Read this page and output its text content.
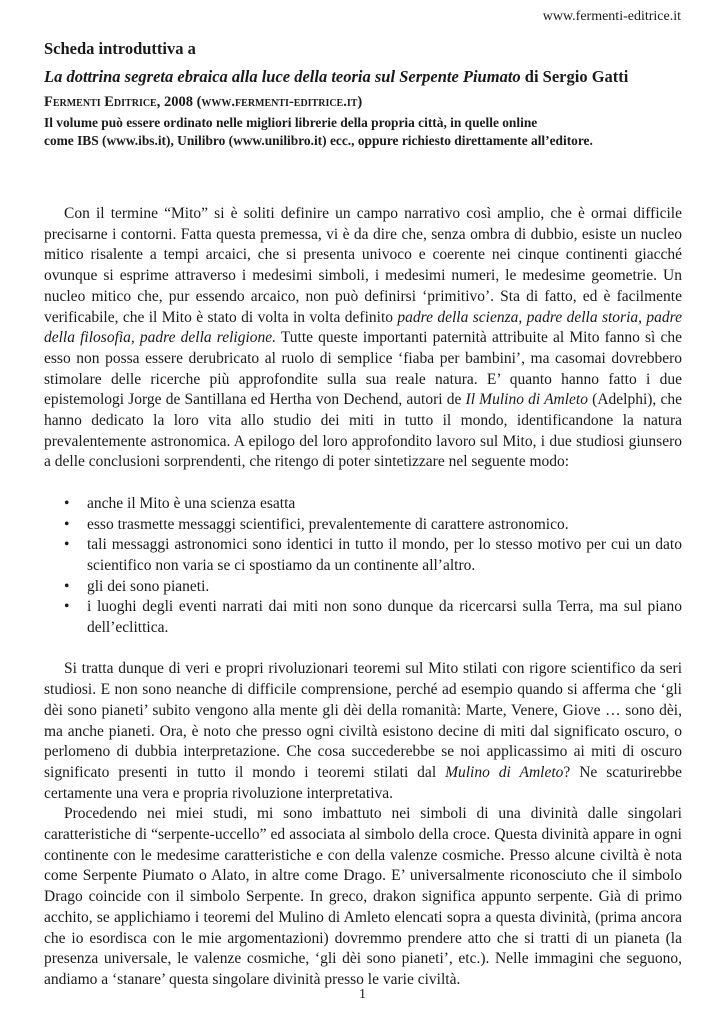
www.fermenti-editrice.it

Scheda introduttiva a

La dottrina segreta ebraica alla luce della teoria sul Serpente Piumato di Sergio Gatti

Fermenti Editrice, 2008 (www.fermenti-editrice.it)

Il volume può essere ordinato nelle migliori librerie della propria città, in quelle online

come IBS (www.ibs.it), Unilibro (www.unilibro.it) ecc., oppure richiesto direttamente all’editore.

Con il termine “Mito” si è soliti definire un campo narrativo così amplio, che è ormai difficile precisarne i contorni. Fatta questa premessa, vi è da dire che, senza ombra di dubbio, esiste un nucleo mitico risalente a tempi arcaici, che si presenta univoco e coerente nei cinque continenti giacché ovunque si esprime attraverso i medesimi simboli, i medesimi numeri, le medesime geometrie. Un nucleo mitico che, pur essendo arcaico, non può definirsi ‘primitivo’. Sta di fatto, ed è facilmente verificabile, che il Mito è stato di volta in volta definito padre della scienza, padre della storia, padre della filosofia, padre della religione. Tutte queste importanti paternità attribuite al Mito fanno sì che esso non possa essere derubricato al ruolo di semplice ‘fiaba per bambini’, ma casomai dovrebbero stimolare delle ricerche più approfondite sulla sua reale natura. E’ quanto hanno fatto i due epistemologi Jorge de Santillana ed Hertha von Dechend, autori de Il Mulino di Amleto (Adelphi), che hanno dedicato la loro vita allo studio dei miti in tutto il mondo, identificandone la natura prevalentemente astronomica. A epilogo del loro approfondito lavoro sul Mito, i due studiosi giunsero a delle conclusioni sorprendenti, che ritengo di poter sintetizzare nel seguente modo:

• anche il Mito è una scienza esatta
• esso trasmette messaggi scientifici, prevalentemente di carattere astronomico.
• tali messaggi astronomici sono identici in tutto il mondo, per lo stesso motivo per cui un dato scientifico non varia se ci spostiamo da un continente all’altro.
• gli dei sono pianeti.
• i luoghi degli eventi narrati dai miti non sono dunque da ricercarsi sulla Terra, ma sul piano dell’eclittica.

Si tratta dunque di veri e propri rivoluzionari teoremi sul Mito stilati con rigore scientifico da seri studiosi. E non sono neanche di difficile comprensione, perché ad esempio quando si afferma che ‘gli dèi sono pianeti’ subito vengono alla mente gli dèi della romanità: Marte, Venere, Giove … sono dèi, ma anche pianeti. Ora, è noto che presso ogni civiltà esistono decine di miti dal significato oscuro, o perlomeno di dubbia interpretazione. Che cosa succederebbe se noi applicassimo ai miti di oscuro significato presenti in tutto il mondo i teoremi stilati dal Mulino di Amleto? Ne scaturirebbe certamente una vera e propria rivoluzione interpretativa.

Procedendo nei miei studi, mi sono imbattuto nei simboli di una divinità dalle singolari caratteristiche di “serpente-uccello” ed associata al simbolo della croce. Questa divinità appare in ogni continente con le medesime caratteristiche e con della valenze cosmiche. Presso alcune civiltà è nota come Serpente Piumato o Alato, in altre come Drago. E’ universalmente riconosciuto che il simbolo Drago coincide con il simbolo Serpente. In greco, drakon significa appunto serpente. Già di primo acchito, se applichiamo i teoremi del Mulino di Amleto elencati sopra a questa divinità, (prima ancora che io esordisca con le mie argomentazioni) dovremmo prendere atto che si tratti di un pianeta (la presenza universale, le valenze cosmiche, ‘gli dèi sono pianeti’, etc.). Nelle immagini che seguono, andiamo a ‘stanare’ questa singolare divinità presso le varie civiltà.

1
